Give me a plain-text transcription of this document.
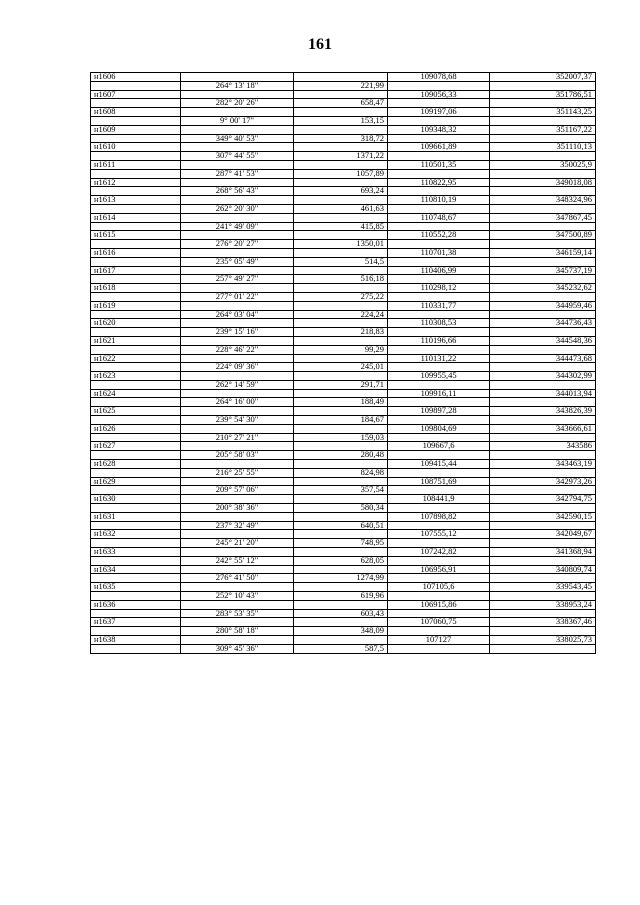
161
н1606			109078,68	352007,37
	264° 13' 18"	221,99		
н1607			109056,33	351786,51
	282° 20' 26"	658,47		
н1608			109197,06	351143,25
	9° 00' 17"	153,15		
н1609			109348,32	351167,22
	349° 40' 53"	318,72		
н1610			109661,89	351110,13
	307° 44' 55"	1371,22		
н1611			110501,35	350025,9
	287° 41' 53"	1057,89		
н1612			110822,95	349018,08
	268° 56' 43"	693,24		
н1613			110810,19	348324,96
	262° 20' 30"	461,63		
н1614			110748,67	347867,45
	241° 49' 09"	415,85		
н1615			110552,28	347500,89
	276° 20' 27"	1350,01		
н1616			110701,38	346159,14
	235° 05' 49"	514,5		
н1617			110406,99	345737,19
	257° 49' 27"	516,18		
н1618			110298,12	345232,62
	277° 01' 22"	275,22		
н1619			110331,77	344959,46
	264° 03' 04"	224,24		
н1620			110308,53	344736,43
	239° 15' 16"	218,83		
н1621			110196,66	344548,36
	228° 46' 22"	99,29		
н1622			110131,22	344473,68
	224° 09' 36"	245,01		
н1623			109955,45	344302,99
	262° 14' 59"	291,71		
н1624			109916,11	344013,94
	264° 16' 00"	188,49		
н1625			109897,28	343826,39
	239° 54' 30"	184,67		
н1626			109804,69	343666,61
	210° 27' 21"	159,03		
н1627			109667,6	343586
	205° 58' 03"	280,48		
н1628			109415,44	343463,19
	216° 25' 55"	824,98		
н1629			108751,69	342973,26
	209° 57' 06"	357,54		
н1630			108441,9	342794,75
	200° 38' 36"	580,34		
н1631			107898,82	342590,15
	237° 32' 49"	640,51		
н1632			107555,12	342049,67
	245° 21' 20"	748,95		
н1633			107242,82	341368,94
	242° 55' 12"	628,05		
н1634			106956,91	340809,74
	276° 41' 50"	1274,99		
н1635			107105,6	339543,45
	252° 10' 43"	619,96		
н1636			106915,86	338953,24
	283° 53' 35"	603,43		
н1637			107060,75	338367,46
	280° 58' 18"	348,09		
н1638			107127	338025,73
	309° 45' 36"	587,5		
